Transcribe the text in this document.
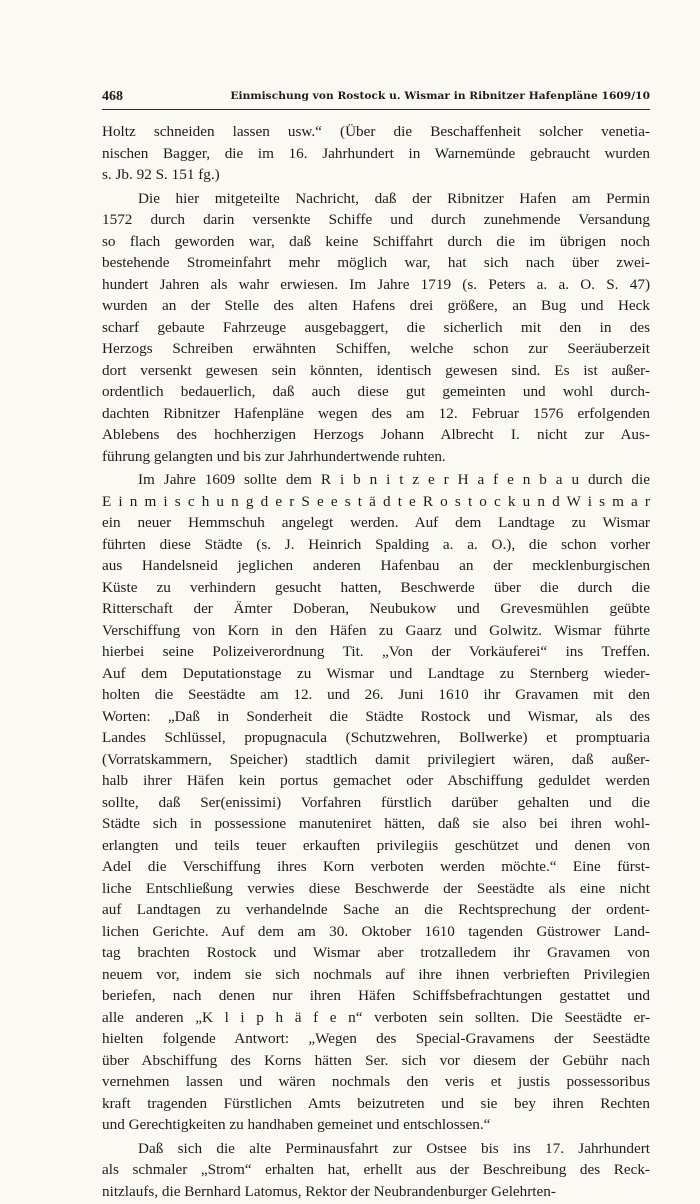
468	Einmischung von Rostock u. Wismar in Ribnitzer Hafenpläne 1609/10
Holtz schneiden lassen usw.“ (Über die Beschaffenheit solcher venetia-
nischen Bagger, die im 16. Jahrhundert in Warnemünde gebraucht wurden
s. Jb. 92 S. 151 fg.)
Die hier mitgeteilte Nachricht, daß der Ribnitzer Hafen am Permin
1572 durch darin versenkte Schiffe und durch zunehmende Versandung
so flach geworden war, daß keine Schiffahrt durch die im übrigen noch
bestehende Stromeinfahrt mehr möglich war, hat sich nach über zwei-
hundert Jahren als wahr erwiesen. Im Jahre 1719 (s. Peters a. a. O. S. 47)
wurden an der Stelle des alten Hafens drei größere, an Bug und Heck
scharf gebaute Fahrzeuge ausgebaggert, die sicherlich mit den in des
Herzogs Schreiben erwähnten Schiffen, welche schon zur Seeräuberzeit
dort versenkt gewesen sein könnten, identisch gewesen sind. Es ist außer-
ordentlich bedauerlich, daß auch diese gut gemeinten und wohl durch-
dachten Ribnitzer Hafenpläne wegen des am 12. Februar 1576 erfolgenden
Ablebens des hochherzigen Herzogs Johann Albrecht I. nicht zur Aus-
führung gelangten und bis zur Jahrhundertwende ruhten.
Im Jahre 1609 sollte dem R i b n i t z e r H a f e n b a u durch die
E i n m i s c h u n g d e r S e e s t ä d t e R o s t o c k u n d W i s m a r
ein neuer Hemmschuh angelegt werden. Auf dem Landtage zu Wismar
führten diese Städte (s. J. Heinrich Spalding a. a. O.), die schon vorher
aus Handelsneid jeglichen anderen Hafenbau an der mecklenburgischen
Küste zu verhindern gesucht hatten, Beschwerde über die durch die
Ritterschaft der Ämter Doberan, Neubukow und Grevesmühlen geübte
Verschiffung von Korn in den Häfen zu Gaarz und Golwitz. Wismar führte
hierbei seine Polizeiverordnung Tit. „Von der Vorkäuferei“ ins Treffen.
Auf dem Deputationstage zu Wismar und Landtage zu Sternberg wieder-
holten die Seestädte am 12. und 26. Juni 1610 ihr Gravamen mit den
Worten: „Daß in Sonderheit die Städte Rostock und Wismar, als des
Landes Schlüssel, propugnacula (Schutzwehren, Bollwerke) et promptuaria
(Vorratskammern, Speicher) stadtlich damit privilegiert wären, daß außer-
halb ihrer Häfen kein portus gemachet oder Abschiffung geduldet werden
sollte, daß Ser(enissimi) Vorfahren fürstlich darüber gehalten und die
Städte sich in possessione manuteniret hätten, daß sie also bei ihren wohl-
erlangten und teils teuer erkauften privilegiis geschützet und denen von
Adel die Verschiffung ihres Korn verboten werden möchte.“ Eine fürst-
liche Entschließung verwies diese Beschwerde der Seestädte als eine nicht
auf Landtagen zu verhandelnde Sache an die Rechtsprechung der ordent-
lichen Gerichte. Auf dem am 30. Oktober 1610 tagenden Güstrower Land-
tag brachten Rostock und Wismar aber trotzalledem ihr Gravamen von
neuem vor, indem sie sich nochmals auf ihre ihnen verbrieften Privilegien
beriefen, nach denen nur ihren Häfen Schiffsbefrachtungen gestattet und
alle anderen „K l i p h ä f e n“ verboten sein sollten. Die Seestädte er-
hielten folgende Antwort: „Wegen des Special-Gravamens der Seestädte
über Abschiffung des Korns hätten Ser. sich vor diesem der Gebühr nach
vernehmen lassen und wären nochmals den veris et justis possessoribus
kraft tragenden Fürstlichen Amts beizutreten und sie bey ihren Rechten
und Gerechtigkeiten zu handhaben gemeinet und entschlossen.“
Daß sich die alte Perminausfahrt zur Ostsee bis ins 17. Jahrhundert
als schmaler „Strom“ erhalten hat, erhellt aus der Beschreibung des Reck-
nitzlaufs, die Bernhard Latomus, Rektor der Neubrandenburger Gelehrten-
